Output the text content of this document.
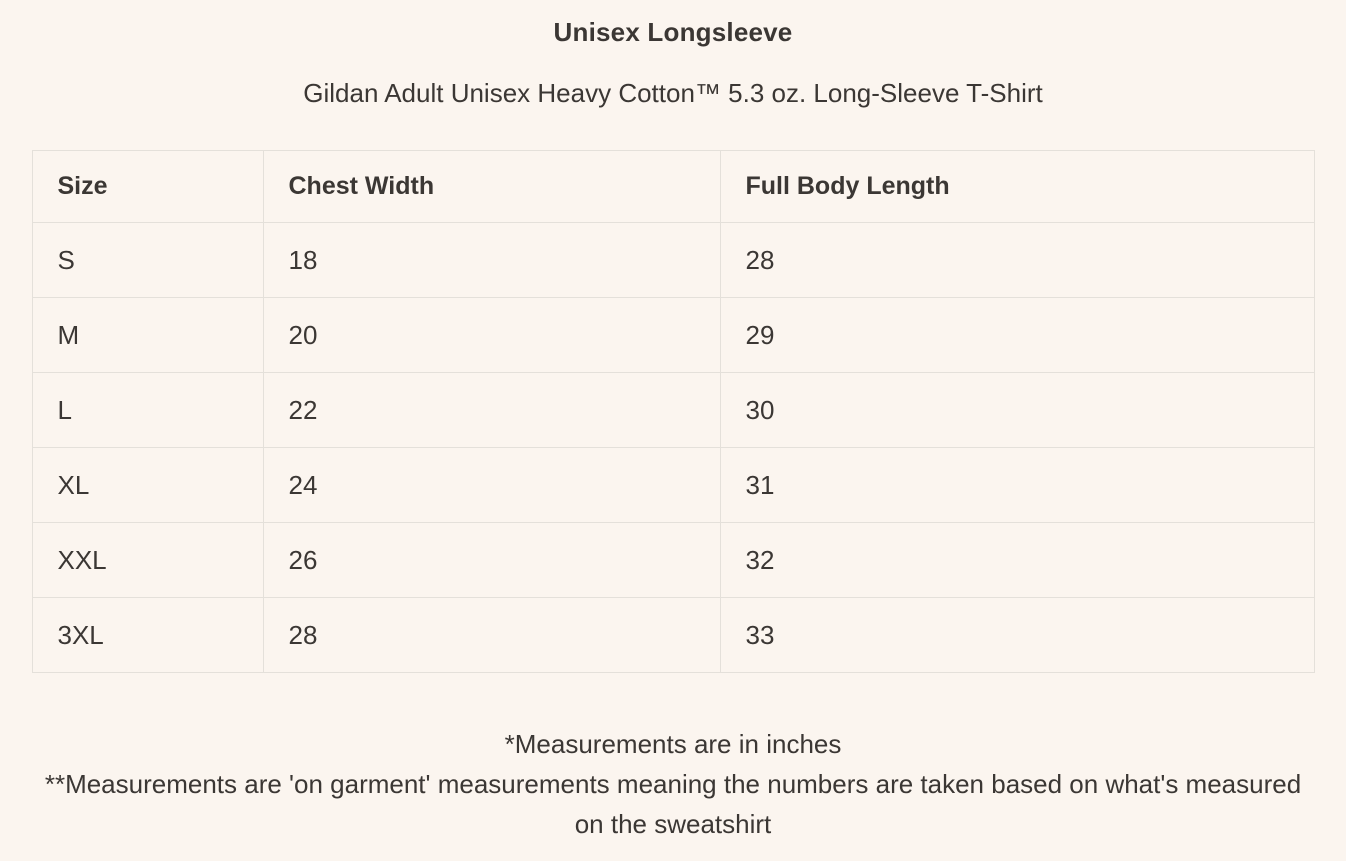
Unisex Longsleeve

Gildan Adult Unisex Heavy Cotton™ 5.3 oz. Long-Sleeve T-Shirt

Size	Chest Width	Full Body Length
S	18	28
M	20	29
L	22	30
XL	24	31
XXL	26	32
3XL	28	33
*Measurements are in inches
**Measurements are 'on garment' measurements meaning the numbers are taken based on what's measured
on the sweatshirt
